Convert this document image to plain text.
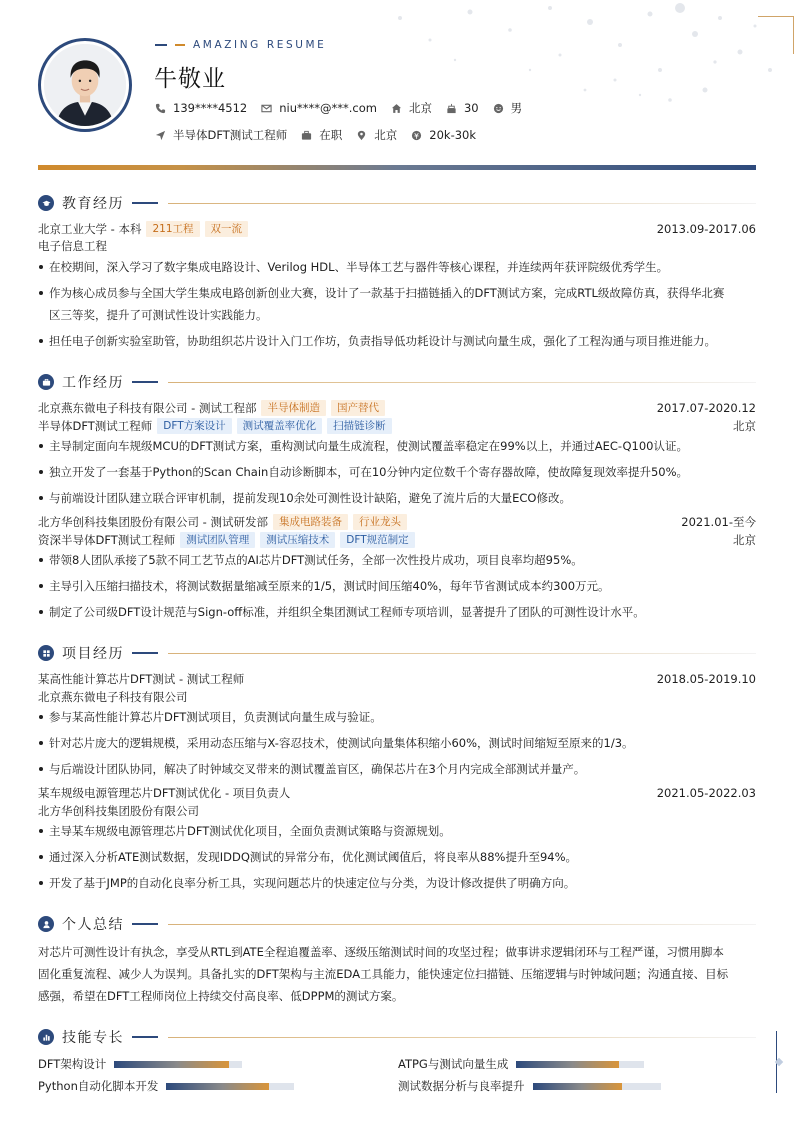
AMAZING RESUME
牛敬业
139****4512	niu****@***.com	北京	30	男
半导体DFT测试工程师	在职	北京	20k-30k
教育经历
北京工业大学 - 本科	211工程	双一流	2013.09-2017.06
电子信息工程
在校期间，深入学习了数字集成电路设计、Verilog HDL、半导体工艺与器件等核心课程，并连续两年获评院级优秀学生。
作为核心成员参与全国大学生集成电路创新创业大赛，设计了一款基于扫描链插入的DFT测试方案，完成RTL级故障仿真，获得华北赛
区三等奖，提升了可测试性设计实践能力。
担任电子创新实验室助管，协助组织芯片设计入门工作坊，负责指导低功耗设计与测试向量生成，强化了工程沟通与项目推进能力。
工作经历
北京燕东微电子科技有限公司 - 测试工程部	半导体制造	国产替代	2017.07-2020.12
半导体DFT测试工程师	DFT方案设计	测试覆盖率优化	扫描链诊断	北京
主导制定面向车规级MCU的DFT测试方案，重构测试向量生成流程，使测试覆盖率稳定在99%以上，并通过AEC-Q100认证。
独立开发了一套基于Python的Scan Chain自动诊断脚本，可在10分钟内定位数千个寄存器故障，使故障复现效率提升50%。
与前端设计团队建立联合评审机制，提前发现10余处可测性设计缺陷，避免了流片后的大量ECO修改。
北方华创科技集团股份有限公司 - 测试研发部	集成电路装备	行业龙头	2021.01-至今
资深半导体DFT测试工程师	测试团队管理	测试压缩技术	DFT规范制定	北京
带领8人团队承接了5款不同工艺节点的AI芯片DFT测试任务，全部一次性投片成功，项目良率均超95%。
主导引入压缩扫描技术，将测试数据量缩减至原来的1/5，测试时间压缩40%，每年节省测试成本约300万元。
制定了公司级DFT设计规范与Sign-off标准，并组织全集团测试工程师专项培训，显著提升了团队的可测性设计水平。
项目经历
某高性能计算芯片DFT测试 - 测试工程师	2018.05-2019.10
北京燕东微电子科技有限公司
参与某高性能计算芯片DFT测试项目，负责测试向量生成与验证。
针对芯片庞大的逻辑规模，采用动态压缩与X-容忍技术，使测试向量集体积缩小60%，测试时间缩短至原来的1/3。
与后端设计团队协同，解决了时钟域交叉带来的测试覆盖盲区，确保芯片在3个月内完成全部测试并量产。
某车规级电源管理芯片DFT测试优化 - 项目负责人	2021.05-2022.03
北方华创科技集团股份有限公司
主导某车规级电源管理芯片DFT测试优化项目，全面负责测试策略与资源规划。
通过深入分析ATE测试数据，发现IDDQ测试的异常分布，优化测试阈值后，将良率从88%提升至94%。
开发了基于JMP的自动化良率分析工具，实现问题芯片的快速定位与分类，为设计修改提供了明确方向。
个人总结
对芯片可测性设计有执念，享受从RTL到ATE全程追覆盖率、逐级压缩测试时间的攻坚过程；做事讲求逻辑闭环与工程严谨，习惯用脚本
固化重复流程、减少人为误判。具备扎实的DFT架构与主流EDA工具能力，能快速定位扫描链、压缩逻辑与时钟域问题；沟通直接、目标
感强，希望在DFT工程师岗位上持续交付高良率、低DPPM的测试方案。
技能专长
DFT架构设计	ATPG与测试向量生成
Python自动化脚本开发	测试数据分析与良率提升
